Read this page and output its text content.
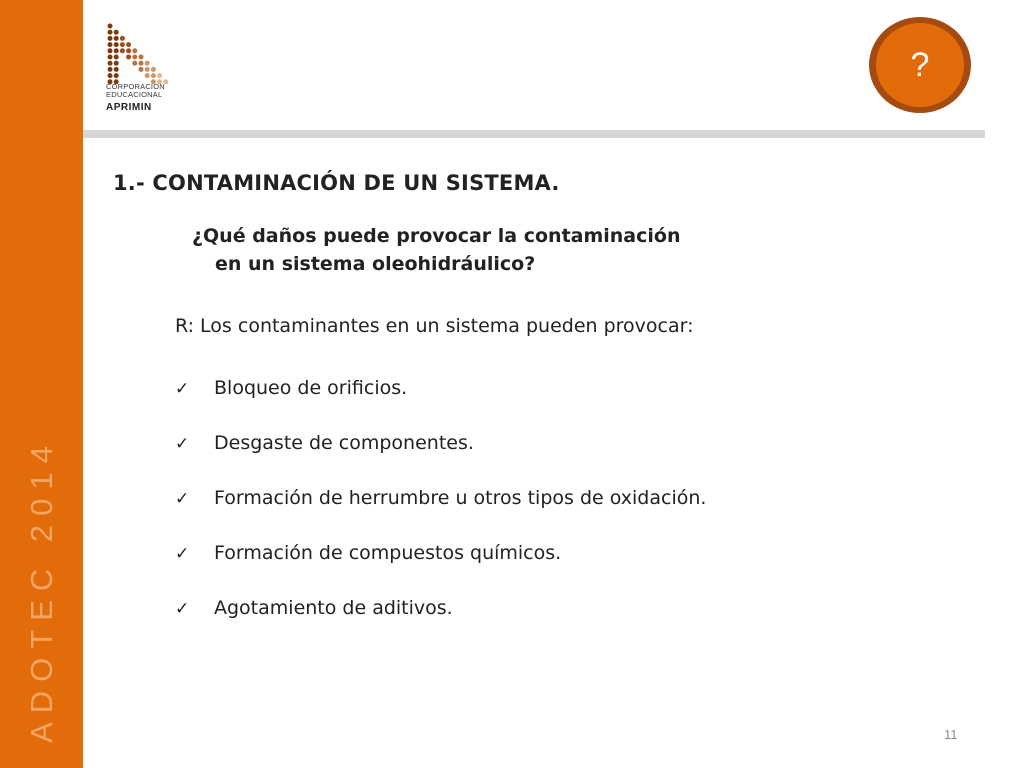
ADOTEC 2014
CORPORACION
EDUCACIONAL
APRIMIN
?
1.- CONTAMINACIÓN DE UN SISTEMA.

¿Qué daños puede provocar la contaminación
en un sistema oleohidráulico?

R: Los contaminantes en un sistema pueden provocar:

✓ Bloqueo de orificios.
✓ Desgaste de componentes.
✓ Formación de herrumbre u otros tipos de oxidación.
✓ Formación de compuestos químicos.
✓ Agotamiento de aditivos.
11
